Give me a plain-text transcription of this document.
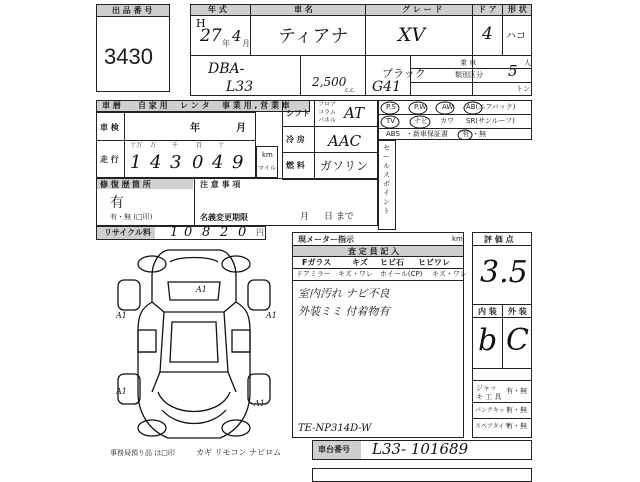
出 品 番 号
3430
年 式	車 名	グ レ ー ド	ド ア 形 状
H
27 年 4 月 ティアナ	XV	4 ハコ
DBA-
L33	2,500
c.c.
ブラック
G41
乗 車	人
類別区分 5
トン
車 暦 自 家 用 レ ン タ 事 業 用 , 営 業 車
車 検	年	月
走 行
十万 万	千	百	十
1 4 3 0 4 9	km
マイル
シフト
フロア
コラム
パネル AT
冷 房 AAC
燃 料 ガソリン
P.S	P.W AW AB(エアバック)
TV	ナビ カワ SR(サンルーフ)
ABS ・新車保証書 有 ・無
セールスポイント
修 復 歴 箇 所
有
有・無 (□印)
注 意 事 項
名義変更期限	月 日 まで
リサイクル料 1 0 8 2 0 円
A1
A1	A1
A1
A1
事務局預り品 は□印	カギ リモコン ナビロム
現メーター指示	km
査 定 員 記 入
Fガラス	キズ ヒビ石 ヒビワレ
ドアミラー キズ・ワレ ホイール(CP) キズ・ワレ
室内汚れ ナビ不良
外装ミミ 付着物有
TE-NP314D-W
車台番号 L33- 101689
評 価 点
3.5
内 装 外 装
b C
ジャッキ 工 具
有・無
パンクキット
有・無
スペアタイヤ
有・無
